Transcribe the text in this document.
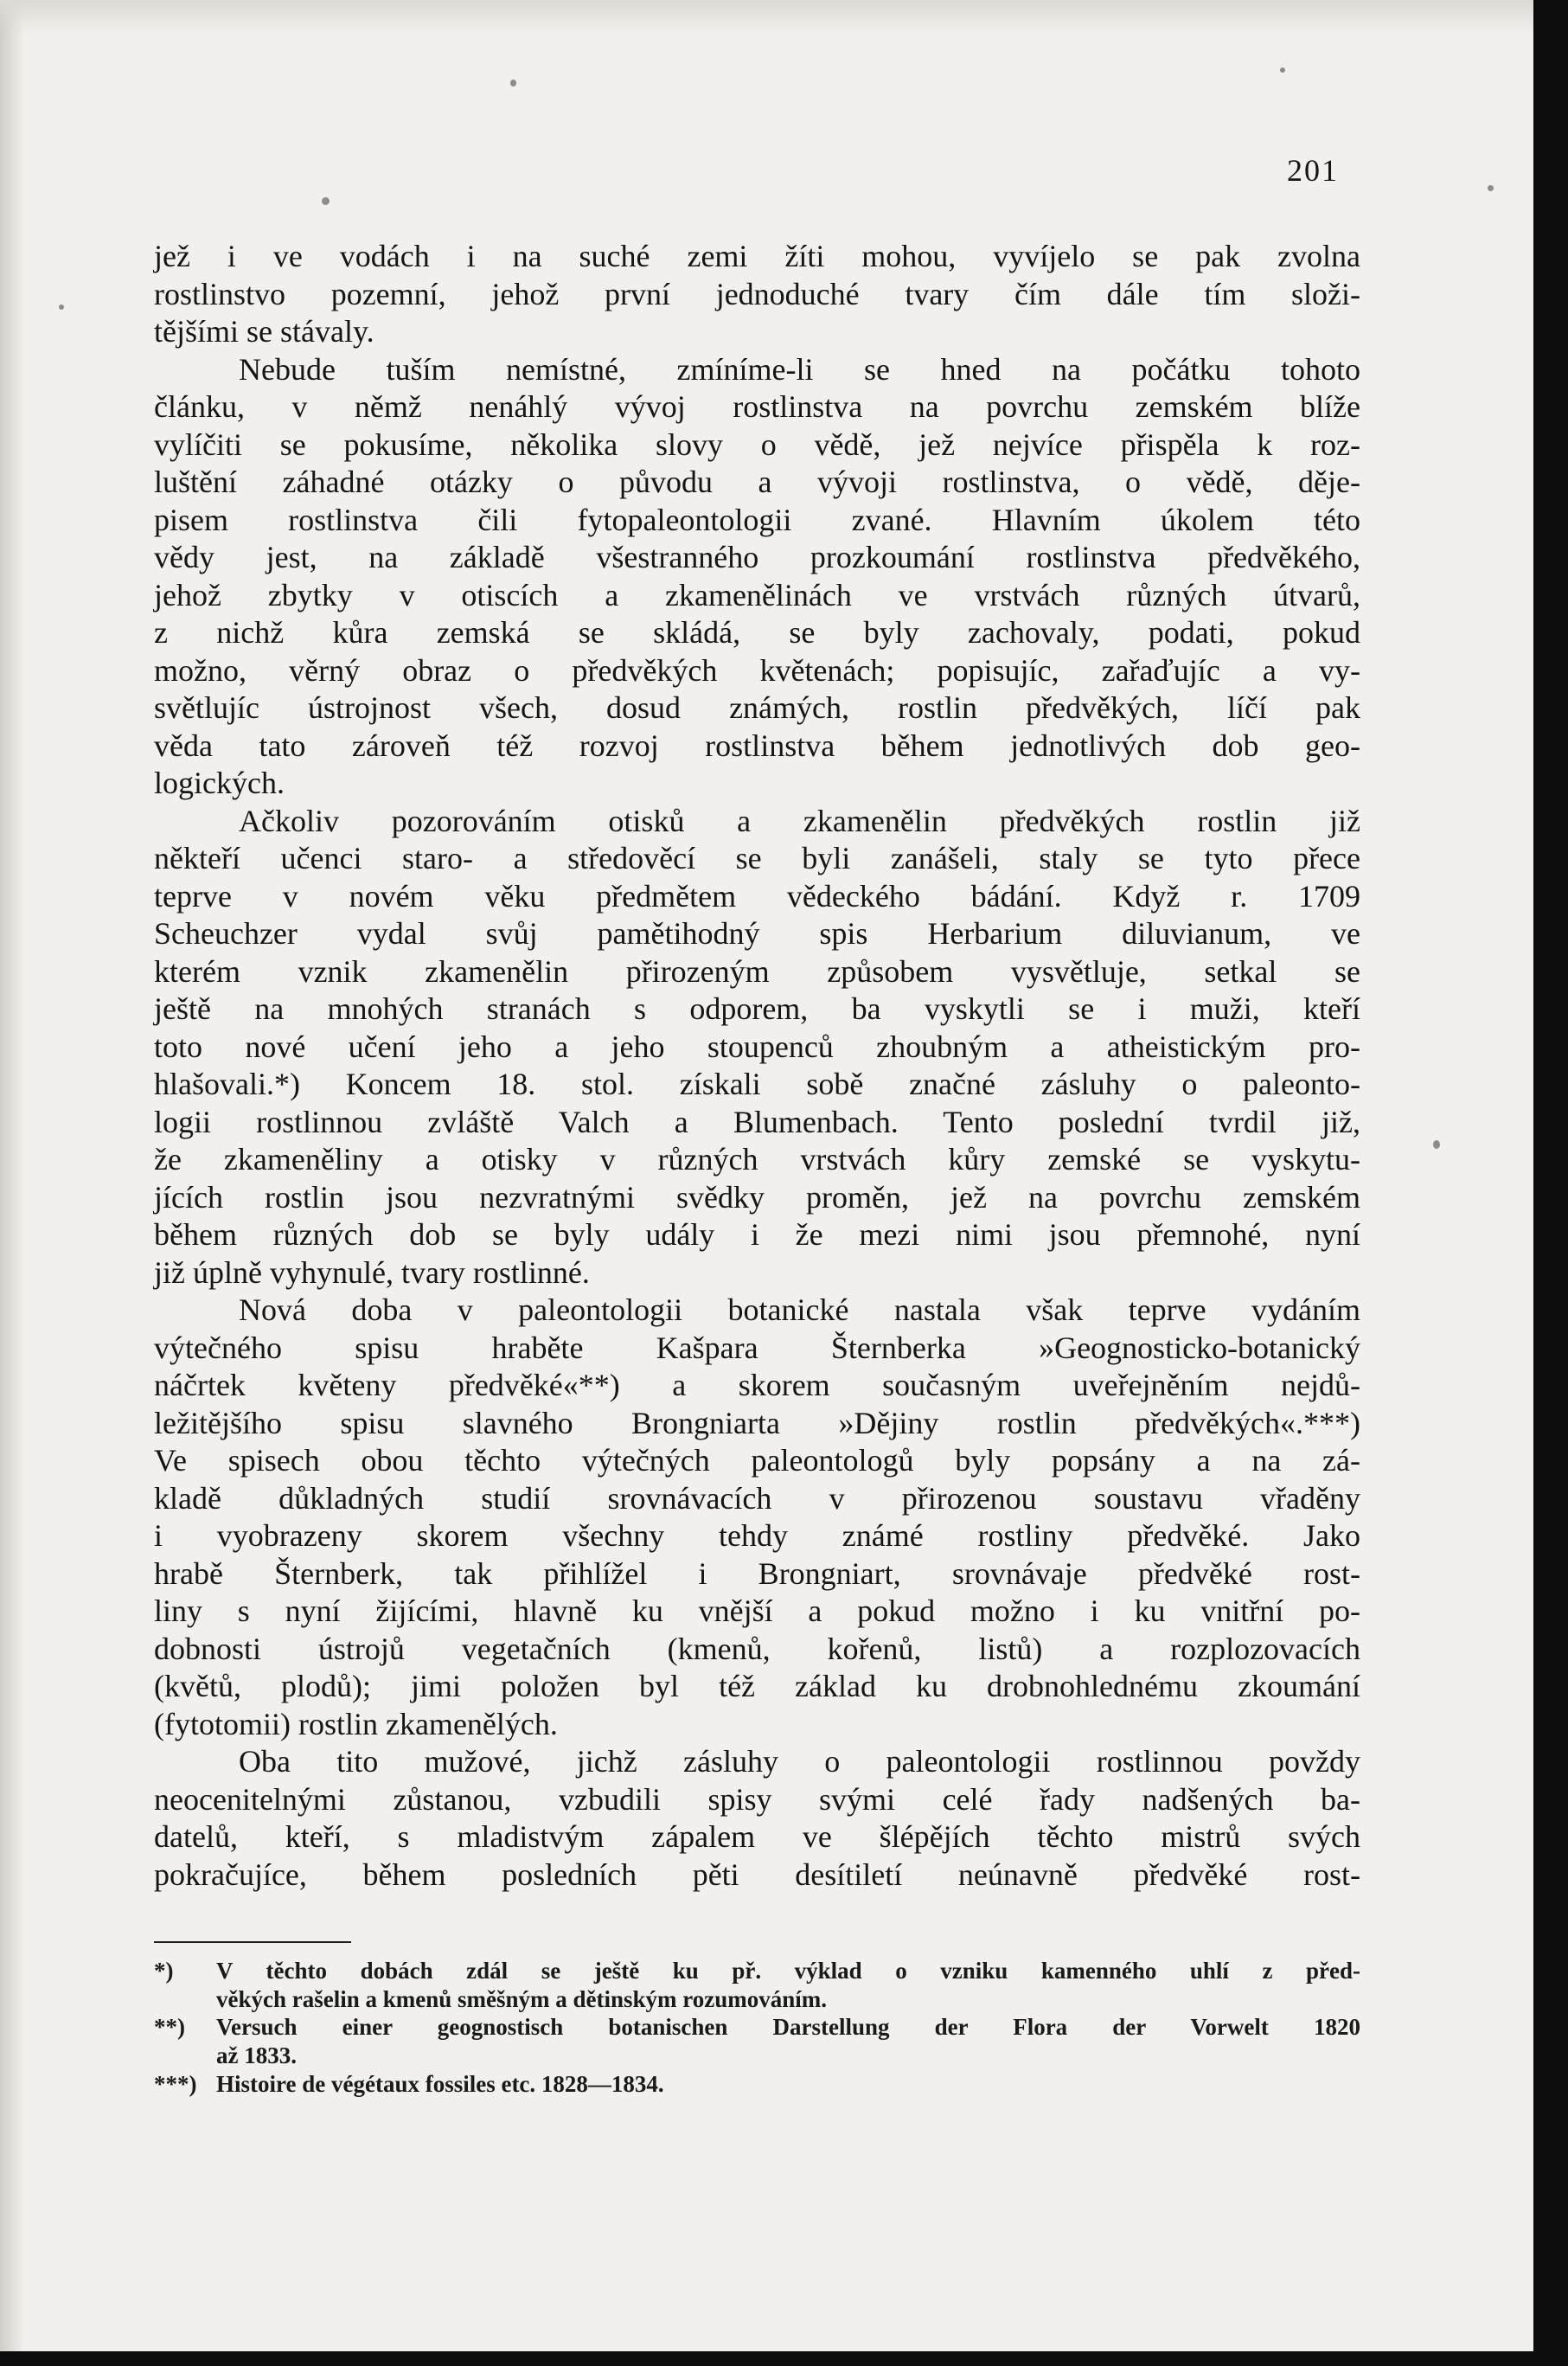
201
jež i ve vodách i na suché zemi žíti mohou, vyvíjelo se pak zvolna
rostlinstvo pozemní, jehož první jednoduché tvary čím dále tím složi-
tějšími se stávaly.
Nebude tuším nemístné, zmíníme-li se hned na počátku tohoto
článku, v němž nenáhlý vývoj rostlinstva na povrchu zemském blíže
vylíčiti se pokusíme, několika slovy o vědě, jež nejvíce přispěla k roz-
luštění záhadné otázky o původu a vývoji rostlinstva, o vědě, děje-
pisem rostlinstva čili fytopaleontologii zvané. Hlavním úkolem této
vědy jest, na základě všestranného prozkoumání rostlinstva předvěkého,
jehož zbytky v otiscích a zkamenělinách ve vrstvách různých útvarů,
z nichž kůra zemská se skládá, se byly zachovaly, podati, pokud
možno, věrný obraz o předvěkých květenách; popisujíc, zařaďujíc a vy-
světlujíc ústrojnost všech, dosud známých, rostlin předvěkých, líčí pak
věda tato zároveň též rozvoj rostlinstva během jednotlivých dob geo-
logických.
Ačkoliv pozorováním otisků a zkamenělin předvěkých rostlin již
někteří učenci staro- a středověcí se byli zanášeli, staly se tyto přece
teprve v novém věku předmětem vědeckého bádání. Když r. 1709
Scheuchzer vydal svůj pamětihodný spis Herbarium diluvianum, ve
kterém vznik zkamenělin přirozeným způsobem vysvětluje, setkal se
ještě na mnohých stranách s odporem, ba vyskytli se i muži, kteří
toto nové učení jeho a jeho stoupenců zhoubným a atheistickým pro-
hlašovali.*) Koncem 18. stol. získali sobě značné zásluhy o paleonto-
logii rostlinnou zvláště Valch a Blumenbach. Tento poslední tvrdil již,
že zkameněliny a otisky v různých vrstvách kůry zemské se vyskytu-
jících rostlin jsou nezvratnými svědky proměn, jež na povrchu zemském
během různých dob se byly udály i že mezi nimi jsou přemnohé, nyní
již úplně vyhynulé, tvary rostlinné.
Nová doba v paleontologii botanické nastala však teprve vydáním
výtečného spisu hraběte Kašpara Šternberka »Geognosticko-botanický
náčrtek květeny předvěké«**) a skorem současným uveřejněním nejdů-
ležitějšího spisu slavného Brongniarta »Dějiny rostlin předvěkých«.***)
Ve spisech obou těchto výtečných paleontologů byly popsány a na zá-
kladě důkladných studií srovnávacích v přirozenou soustavu vřaděny
i vyobrazeny skorem všechny tehdy známé rostliny předvěké. Jako
hrabě Šternberk, tak přihlížel i Brongniart, srovnávaje předvěké rost-
liny s nyní žijícími, hlavně ku vnější a pokud možno i ku vnitřní po-
dobnosti ústrojů vegetačních (kmenů, kořenů, listů) a rozplozovacích
(květů, plodů); jimi položen byl též základ ku drobnohlednému zkoumání
(fytotomii) rostlin zkamenělých.
Oba tito mužové, jichž zásluhy o paleontologii rostlinnou povždy
neocenitelnými zůstanou, vzbudili spisy svými celé řady nadšených ba-
datelů, kteří, s mladistvým zápalem ve šlépějích těchto mistrů svých
pokračujíce, během posledních pěti desítiletí neúnavně předvěké rost-
*) V těchto dobách zdál se ještě ku př. výklad o vzniku kamenného uhlí z před-
věkých rašelin a kmenů směšným a dětinským rozumováním.
**) Versuch einer geognostisch botanischen Darstellung der Flora der Vorwelt 1820
až 1833.
***) Histoire de végétaux fossiles etc. 1828—1834.
